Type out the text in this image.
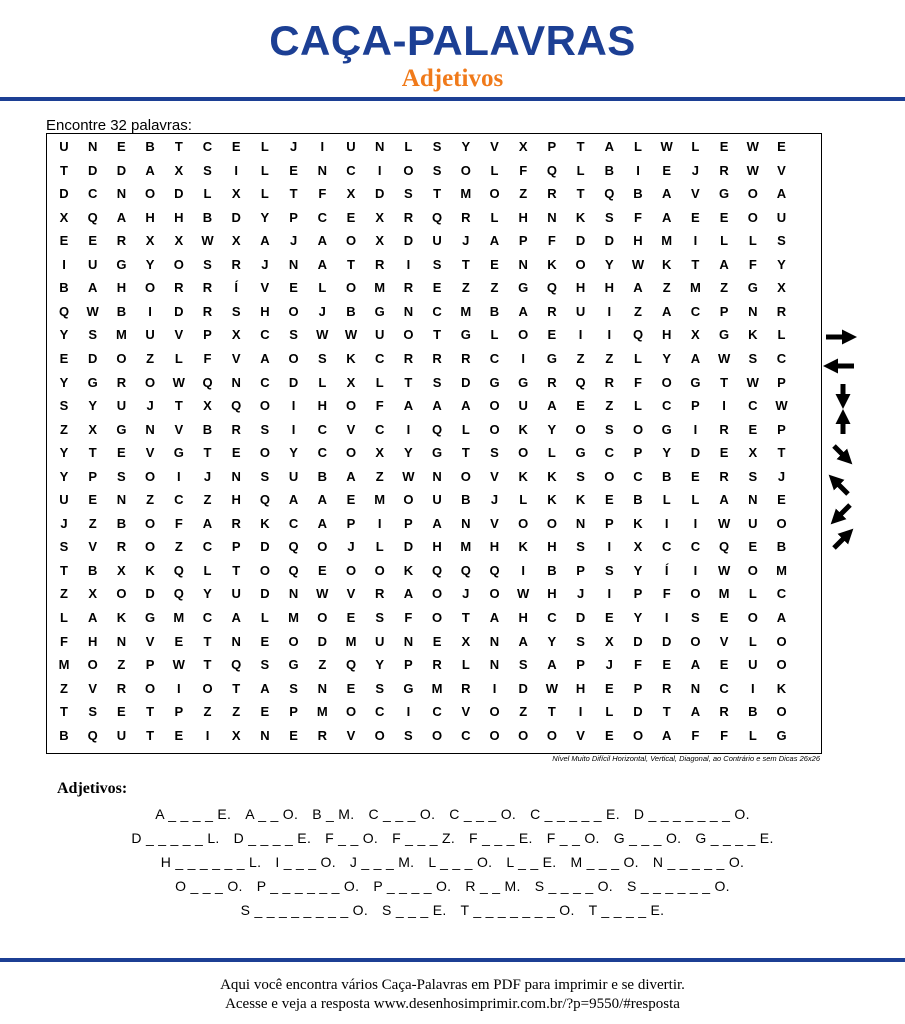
CAÇA-PALAVRAS
Adjetivos
Encontre 32 palavras:
U	N	E	B	T	C	E	L	J	I	U	N	L	S	Y	V	X	P	T	A	L	W	L	E	W	E
T	D	D	A	X	S	I	L	E	N	C	I	O	S	O	L	F	Q	L	B	I	E	J	R	W	V
D	C	N	O	D	L	X	L	T	F	X	D	S	T	M	O	Z	R	T	Q	B	A	V	G	O	A
X	Q	A	H	H	B	D	Y	P	C	E	X	R	Q	R	L	H	N	K	S	F	A	E	E	O	U
E	E	R	X	X	W	X	A	J	A	O	X	D	U	J	A	P	F	D	D	H	M	I	L	L	S
I	U	G	Y	O	S	R	J	N	A	T	R	I	S	T	E	N	K	O	Y	W	K	T	A	F	Y
B	A	H	O	R	R	Í	V	E	L	O	M	R	E	Z	Z	G	Q	H	H	A	Z	M	Z	G	X
Q	W	B	I	D	R	S	H	O	J	B	G	N	C	M	B	A	R	U	I	Z	A	C	P	N	R
Y	S	M	U	V	P	X	C	S	W	W	U	O	T	G	L	O	E	I	I	Q	H	X	G	K	L
E	D	O	Z	L	F	V	A	O	S	K	C	R	R	R	C	I	G	Z	Z	L	Y	A	W	S	C
Y	G	R	O	W	Q	N	C	D	L	X	L	T	S	D	G	G	R	Q	R	F	O	G	T	W	P
S	Y	U	J	T	X	Q	O	I	H	O	F	A	A	A	O	U	A	E	Z	L	C	P	I	C	W
Z	X	G	N	V	B	R	S	I	C	V	C	I	Q	L	O	K	Y	O	S	O	G	I	R	E	P
Y	T	E	V	G	T	E	O	Y	C	O	X	Y	G	T	S	O	L	G	C	P	Y	D	E	X	T
Y	P	S	O	I	J	N	S	U	B	A	Z	W	N	O	V	K	K	S	O	C	B	E	R	S	J
U	E	N	Z	C	Z	H	Q	A	A	E	M	O	U	B	J	L	K	K	E	B	L	L	A	N	E
J	Z	B	O	F	A	R	K	C	A	P	I	P	A	N	V	O	O	N	P	K	I	I	W	U	O
S	V	R	O	Z	C	P	D	Q	O	J	L	D	H	M	H	K	H	S	I	X	C	C	Q	E	B
T	B	X	K	Q	L	T	O	Q	E	O	O	K	Q	Q	Q	I	B	P	S	Y	Í	I	W	O	M
Z	X	O	D	Q	Y	U	D	N	W	V	R	A	O	J	O	W	H	J	I	P	F	O	M	L	C
L	A	K	G	M	C	A	L	M	O	E	S	F	O	T	A	H	C	D	E	Y	I	S	E	O	A
F	H	N	V	E	T	N	E	O	D	M	U	N	E	X	N	A	Y	S	X	D	D	O	V	L	O
M	O	Z	P	W	T	Q	S	G	Z	Q	Y	P	R	L	N	S	A	P	J	F	E	A	E	U	O
Z	V	R	O	I	O	T	A	S	N	E	S	G	M	R	I	D	W	H	E	P	R	N	C	I	K
T	S	E	T	P	Z	Z	E	P	M	O	C	I	C	V	O	Z	T	I	L	D	T	A	R	B	O
B	Q	U	T	E	I	X	N	E	R	V	O	S	O	C	O	O	O	V	E	O	A	F	F	L	G
Nível Muito Difícil Horizontal, Vertical, Diagonal, ao Contrário e sem Dicas 26x26
Adjetivos:
A _ _ _ _ E. A _ _ O. B _ M. C _ _ _ O. C _ _ _ O. C _ _ _ _ _ E. D _ _ _ _ _ _ _ O.
D _ _ _ _ _ L. D _ _ _ _ E. F _ _ O. F _ _ _ Z. F _ _ _ E. F _ _ O. G _ _ _ O. G _ _ _ _ E.
H _ _ _ _ _ _ L. I _ _ _ O. J _ _ _ M. L _ _ _ O. L _ _ E. M _ _ _ O. N _ _ _ _ _ O.
O _ _ _ O. P _ _ _ _ _ _ O. P _ _ _ _ O. R _ _ M. S _ _ _ _ O. S _ _ _ _ _ _ O.
S _ _ _ _ _ _ _ _ O. S _ _ _ E. T _ _ _ _ _ _ _ O. T _ _ _ _ E.
Aqui você encontra vários Caça-Palavras em PDF para imprimir e se divertir.
Acesse e veja a resposta www.desenhosimprimir.com.br/?p=9550/#resposta
